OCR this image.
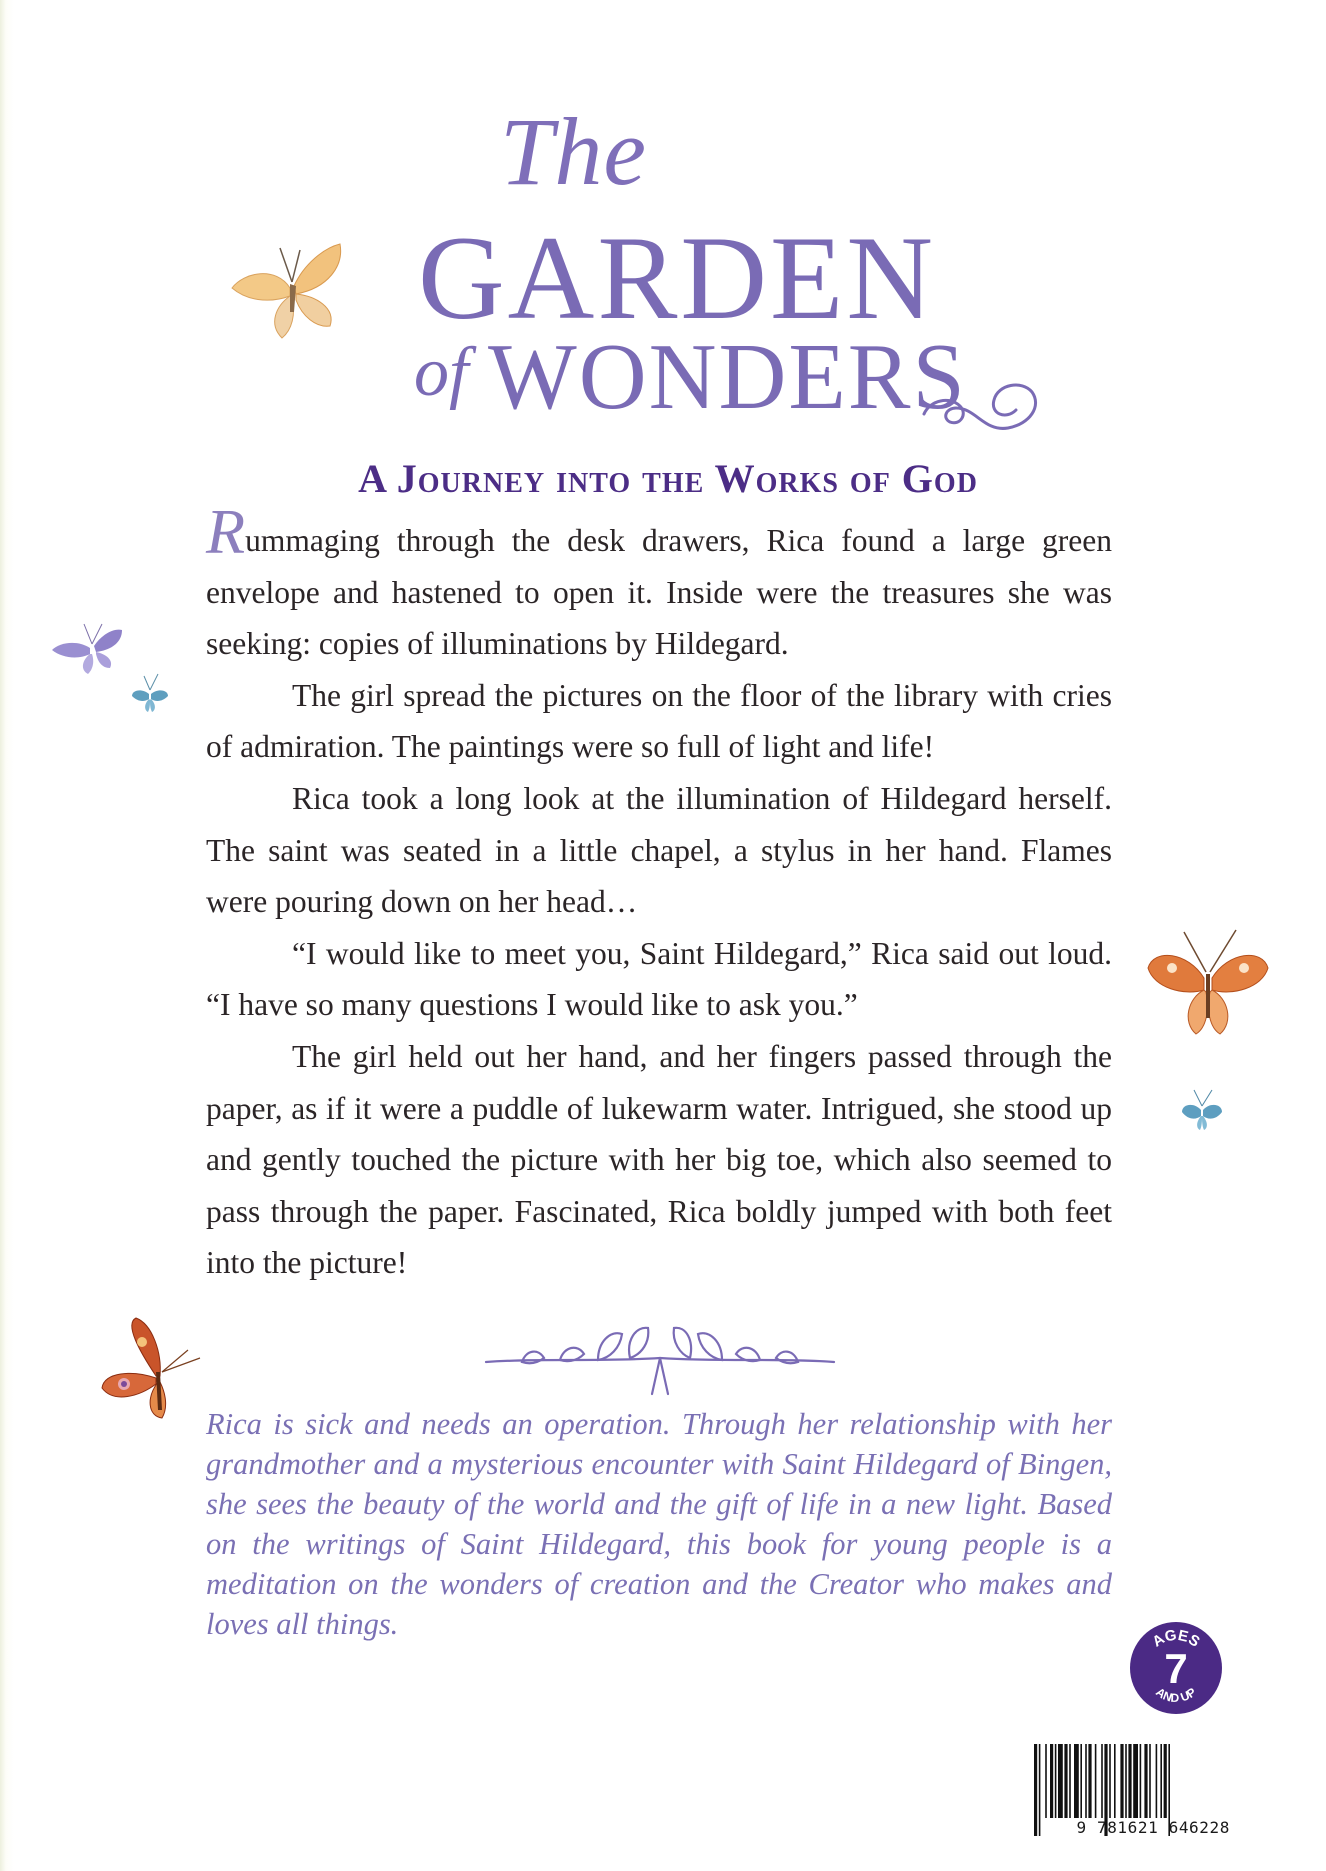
The
GARDEN
of WONDERS
A Journey into the Works of God

Rummaging through the desk drawers, Rica found a large green envelope and hastened to open it. Inside were the treasures she was seeking: copies of illuminations by Hildegard.

The girl spread the pictures on the floor of the library with cries of admiration. The paintings were so full of light and life!

Rica took a long look at the illumination of Hildegard herself. The saint was seated in a little chapel, a stylus in her hand. Flames were pouring down on her head…

“I would like to meet you, Saint Hildegard,” Rica said out loud. “I have so many questions I would like to ask you.”

The girl held out her hand, and her fingers passed through the paper, as if it were a puddle of lukewarm water. Intrigued, she stood up and gently touched the picture with her big toe, which also seemed to pass through the paper. Fascinated, Rica boldly jumped with both feet into the picture!

Rica is sick and needs an operation. Through her relationship with her grandmother and a mysterious encounter with Saint Hildegard of Bingen, she sees the beauty of the world and the gift of life in a new light. Based on the writings of Saint Hildegard, this book for young people is a meditation on the wonders of creation and the Creator who makes and loves all things.	AGES
7
AND UP
9 781621 646228
